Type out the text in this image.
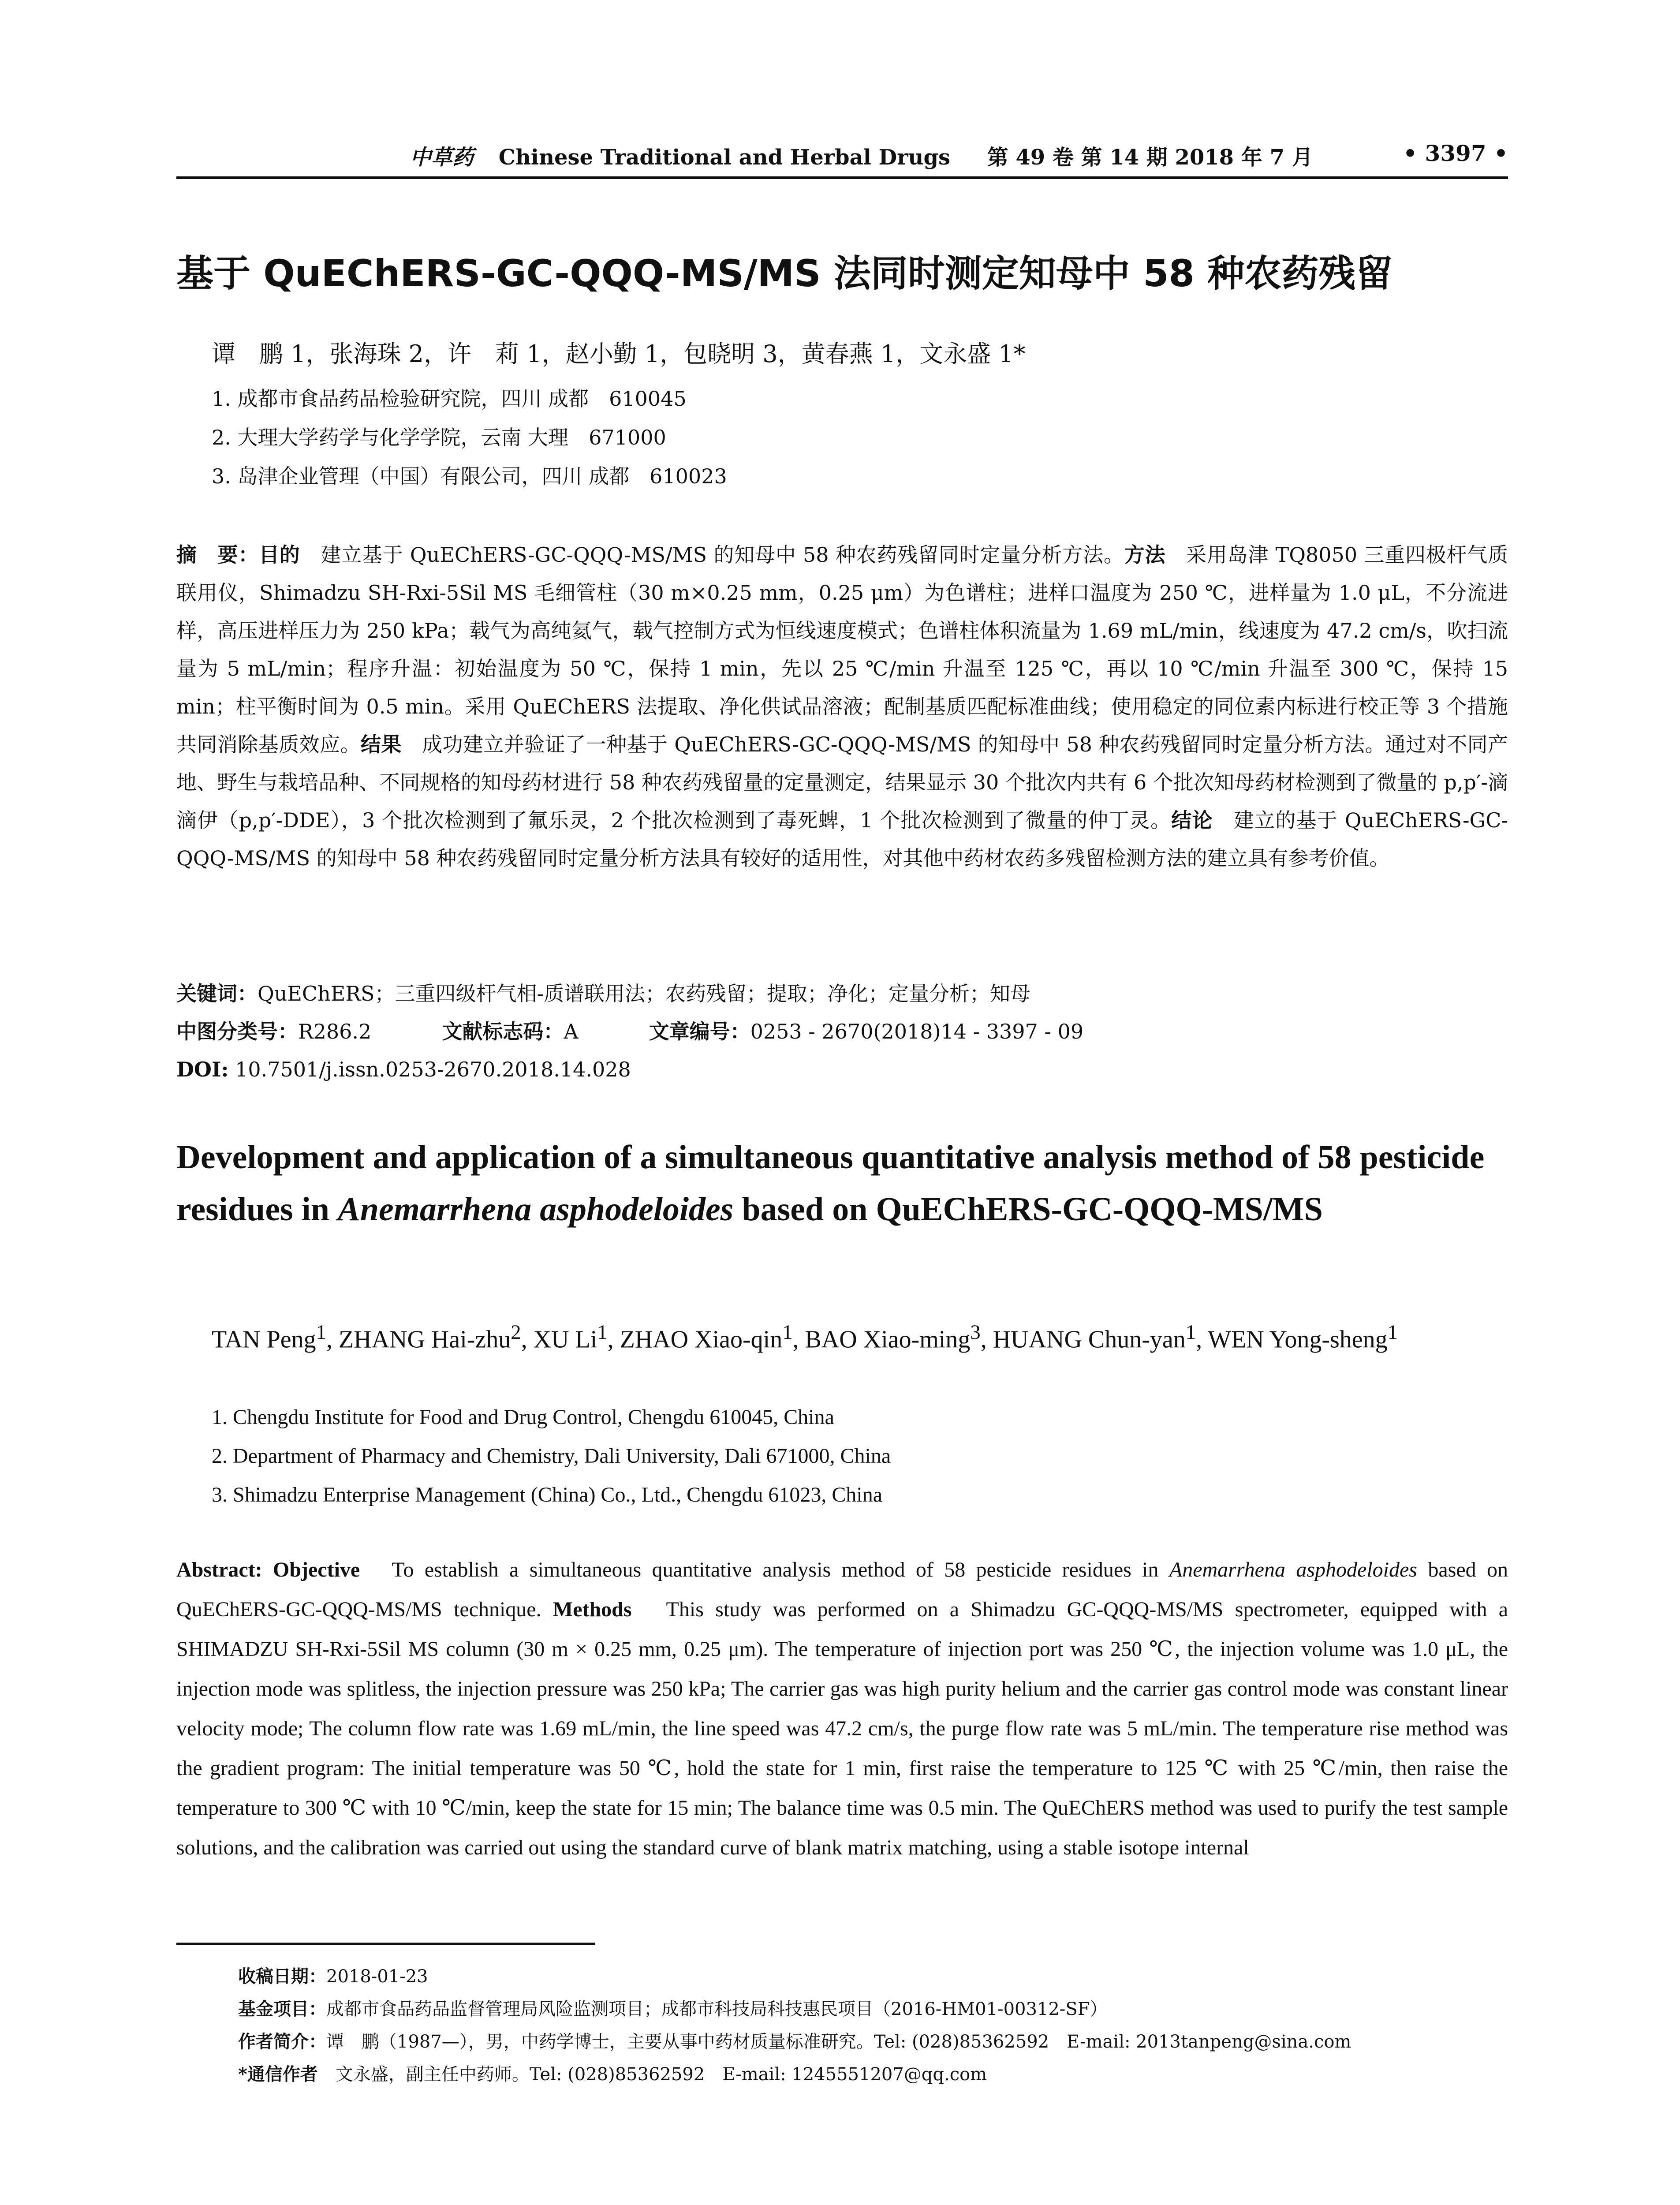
中草药 Chinese Traditional and Herbal Drugs 第 49 卷 第 14 期 2018 年 7 月	• 3397 •
基于 QuEChERS-GC-QQQ-MS/MS 法同时测定知母中 58 种农药残留
谭　鹏 1，张海珠 2，许　莉 1，赵小勤 1，包晓明 3，黄春燕 1，文永盛 1*
1. 成都市食品药品检验研究院，四川 成都　610045
2. 大理大学药学与化学学院，云南 大理　671000
3. 岛津企业管理（中国）有限公司，四川 成都　610023
摘　要：目的　 建立基于 QuEChERS-GC-QQQ-MS/MS 的知母中 58 种农药残留同时定量分析方法。方法　 采用岛津 TQ8050 三重四极杆气质联用仪，Shimadzu SH-Rxi-5Sil MS 毛细管柱（30 m×0.25 mm，0.25 μm）为色谱柱；进样口温度为 250 ℃，进样量为 1.0 μL，不分流进样，高压进样压力为 250 kPa；载气为高纯氦气，载气控制方式为恒线速度模式；色谱柱体积流量为 1.69 mL/min，线速度为 47.2 cm/s，吹扫流量为 5 mL/min；程序升温：初始温度为 50 ℃，保持 1 min，先以 25 ℃/min 升温至 125 ℃，再以 10 ℃/min 升温至 300 ℃，保持 15 min；柱平衡时间为 0.5 min。采用 QuEChERS 法提取、净化供试品溶液；配制基质匹配标准曲线；使用稳定的同位素内标进行校正等 3 个措施共同消除基质效应。结果　 成功建立并验证了一种基于 QuEChERS-GC-QQQ-MS/MS 的知母中 58 种农药残留同时定量分析方法。通过对不同产地、野生与栽培品种、不同规格的知母药材进行 58 种农药残留量的定量测定，结果显示 30 个批次内共有 6 个批次知母药材检测到了微量的 p,p′-滴滴伊（p,p′-DDE），3 个批次检测到了氟乐灵，2 个批次检测到了毒死蜱，1 个批次检测到了微量的仲丁灵。结论　 建立的基于 QuEChERS-GC-QQQ-MS/MS 的知母中 58 种农药残留同时定量分析方法具有较好的适用性，对其他中药材农药多残留检测方法的建立具有参考价值。
关键词：QuEChERS；三重四级杆气相-质谱联用法；农药残留；提取；净化；定量分析；知母
中图分类号：R286.2	文献标志码：A	文章编号：0253 - 2670(2018)14 - 3397 - 09
DOI: 10.7501/j.issn.0253-2670.2018.14.028
Development and application of a simultaneous quantitative analysis method of 58 pesticide residues in Anemarrhena asphodeloides based on QuEChERS-GC-QQQ-MS/MS
TAN Peng$^1$, ZHANG Hai-zhu$^2$, XU Li$^1$, ZHAO Xiao-qin$^1$, BAO Xiao-ming$^3$, HUANG Chun-yan$^1$, WEN Yong-sheng$^1$
1. Chengdu Institute for Food and Drug Control, Chengdu 610045, China
2. Department of Pharmacy and Chemistry, Dali University, Dali 671000, China
3. Shimadzu Enterprise Management (China) Co., Ltd., Chengdu 61023, China
Abstract: Objective To establish a simultaneous quantitative analysis method of 58 pesticide residues in Anemarrhena asphodeloides based on QuEChERS-GC-QQQ-MS/MS technique. Methods This study was performed on a Shimadzu GC-QQQ-MS/MS spectrometer, equipped with a SHIMADZU SH-Rxi-5Sil MS column (30 m × 0.25 mm, 0.25 μm). The temperature of injection port was 250 ℃, the injection volume was 1.0 μL, the injection mode was splitless, the injection pressure was 250 kPa; The carrier gas was high purity helium and the carrier gas control mode was constant linear velocity mode; The column flow rate was 1.69 mL/min, the line speed was 47.2 cm/s, the purge flow rate was 5 mL/min. The temperature rise method was the gradient program: The initial temperature was 50 ℃, hold the state for 1 min, first raise the temperature to 125 ℃ with 25 ℃/min, then raise the temperature to 300 ℃ with 10 ℃/min, keep the state for 15 min; The balance time was 0.5 min. The QuEChERS method was used to purify the test sample solutions, and the calibration was carried out using the standard curve of blank matrix matching, using a stable isotope internal
收稿日期：2018-01-23
基金项目：成都市食品药品监督管理局风险监测项目；成都市科技局科技惠民项目（2016-HM01-00312-SF）
作者简介：谭　鹏（1987—），男，中药学博士，主要从事中药材质量标准研究。Tel: (028)85362592　E-mail: 2013tanpeng@sina.com
*通信作者　 文永盛，副主任中药师。Tel: (028)85362592　E-mail: 1245551207@qq.com
